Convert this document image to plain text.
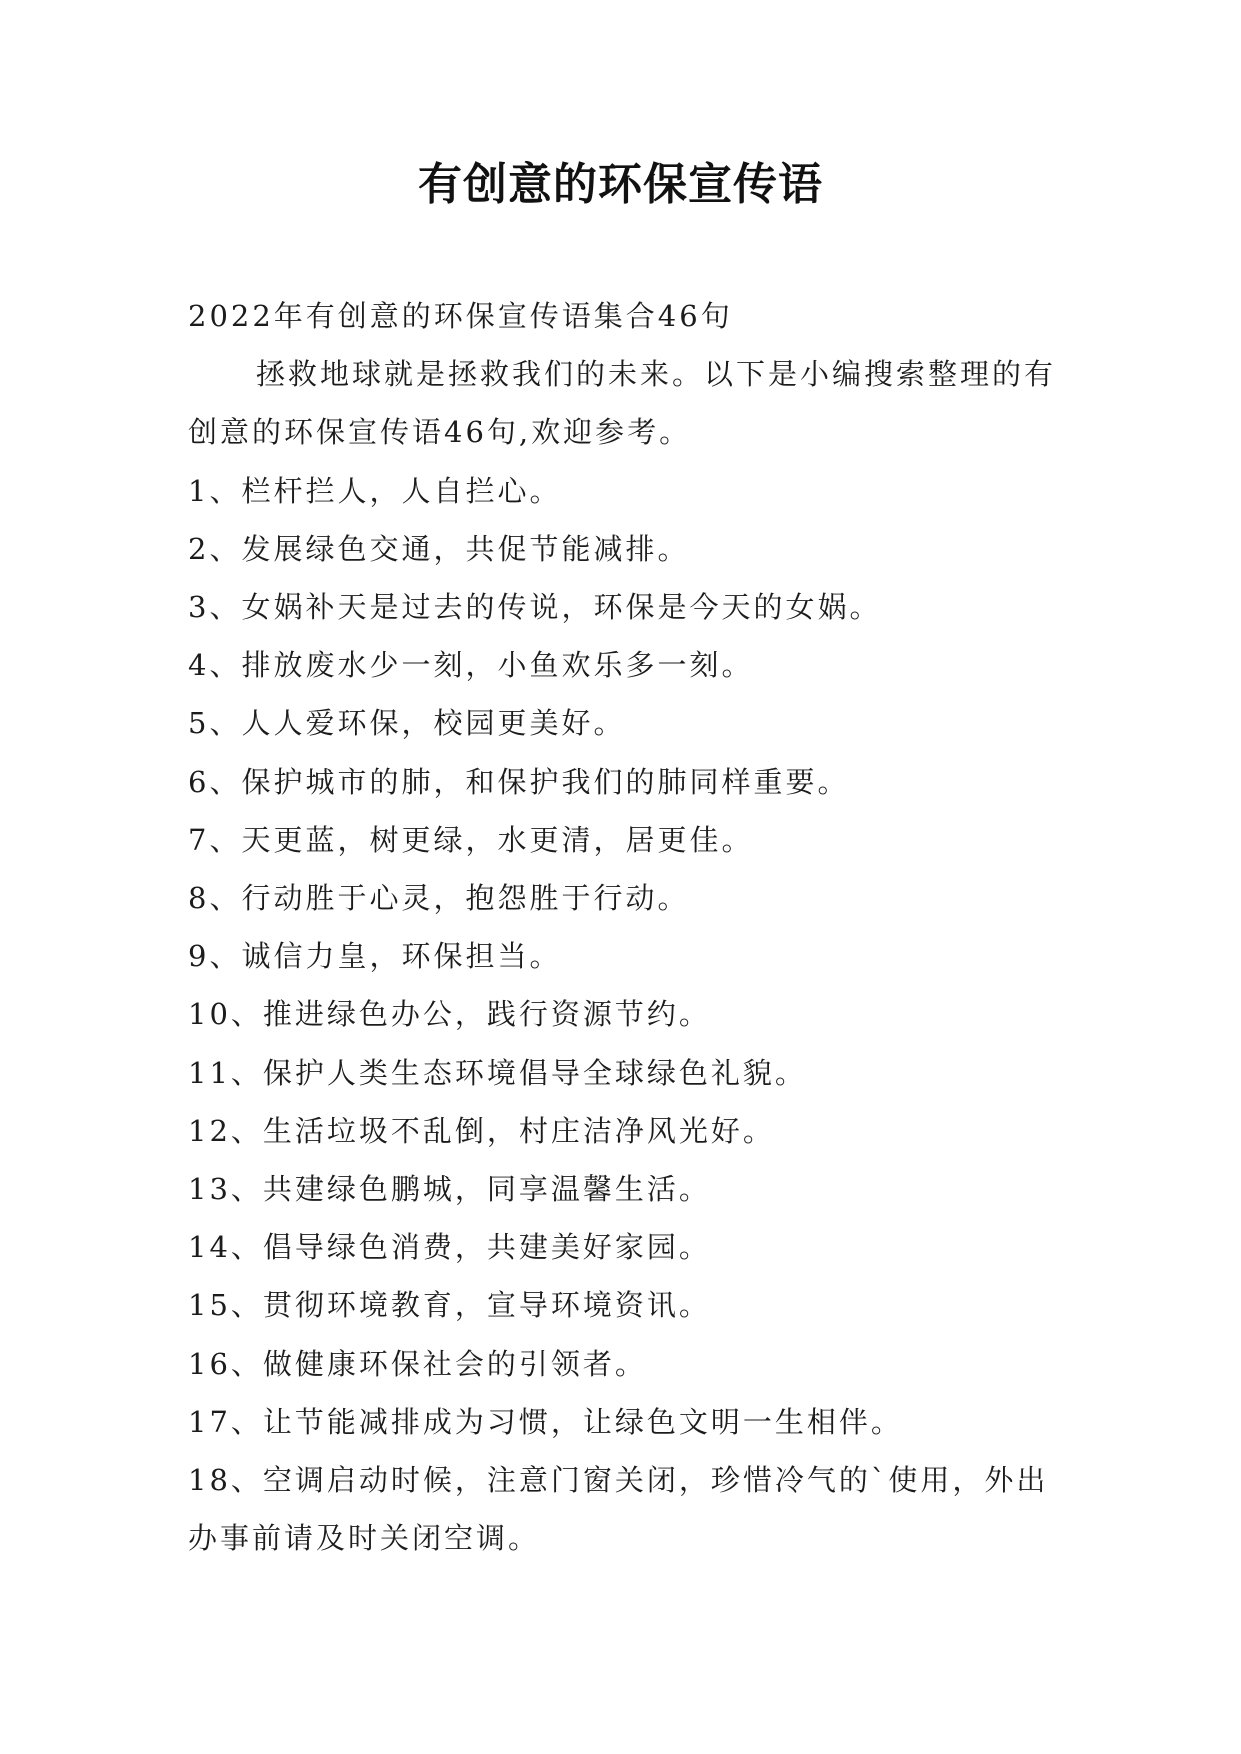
有创意的环保宣传语

2022年有创意的环保宣传语集合46句

拯救地球就是拯救我们的未来。以下是小编搜索整理的有创意的环保宣传语46句,欢迎参考。

1、栏杆拦人，人自拦心。

2、发展绿色交通，共促节能减排。

3、女娲补天是过去的传说，环保是今天的女娲。

4、排放废水少一刻，小鱼欢乐多一刻。

5、人人爱环保，校园更美好。

6、保护城市的肺，和保护我们的肺同样重要。

7、天更蓝，树更绿，水更清，居更佳。

8、行动胜于心灵，抱怨胜于行动。

9、诚信力皇，环保担当。

10、推进绿色办公，践行资源节约。

11、保护人类生态环境倡导全球绿色礼貌。

12、生活垃圾不乱倒，村庄洁净风光好。

13、共建绿色鹏城，同享温馨生活。

14、倡导绿色消费，共建美好家园。

15、贯彻环境教育，宣导环境资讯。

16、做健康环保社会的引领者。

17、让节能减排成为习惯，让绿色文明一生相伴。

18、空调启动时候，注意门窗关闭，珍惜冷气的`使用，外出办事前请及时关闭空调。
